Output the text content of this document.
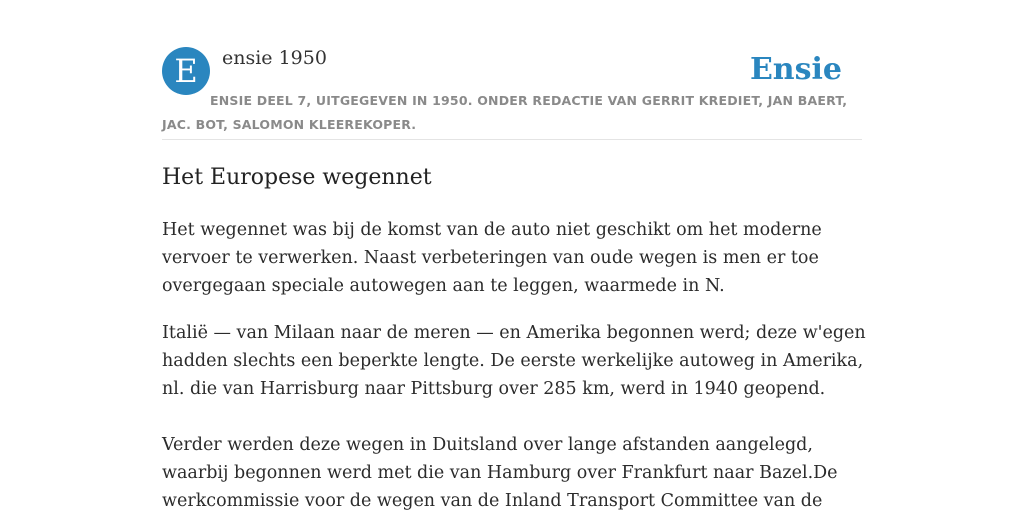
E	ensie 1950	Ensie
ENSIE DEEL 7, UITGEGEVEN IN 1950. ONDER REDACTIE VAN GERRIT KREDIET, JAN BAERT, JAC. BOT, SALOMON KLEEREKOPER.
Het Europese wegennet

Het wegennet was bij de komst van de auto niet geschikt om het moderne vervoer te verwerken. Naast verbeteringen van oude wegen is men er toe overgegaan speciale autowegen aan te leggen, waarmede in N.

Italië — van Milaan naar de meren — en Amerika begonnen werd; deze w'egen hadden slechts een beperkte lengte. De eerste werkelijke autoweg in Amerika, nl. die van Harrisburg naar Pittsburg over 285 km, werd in 1940 geopend.

Verder werden deze wegen in Duitsland over lange afstanden aangelegd, waarbij begonnen werd met die van Hamburg over Frankfurt naar Bazel.De werkcommissie voor de wegen van de Inland Transport Committee van de
